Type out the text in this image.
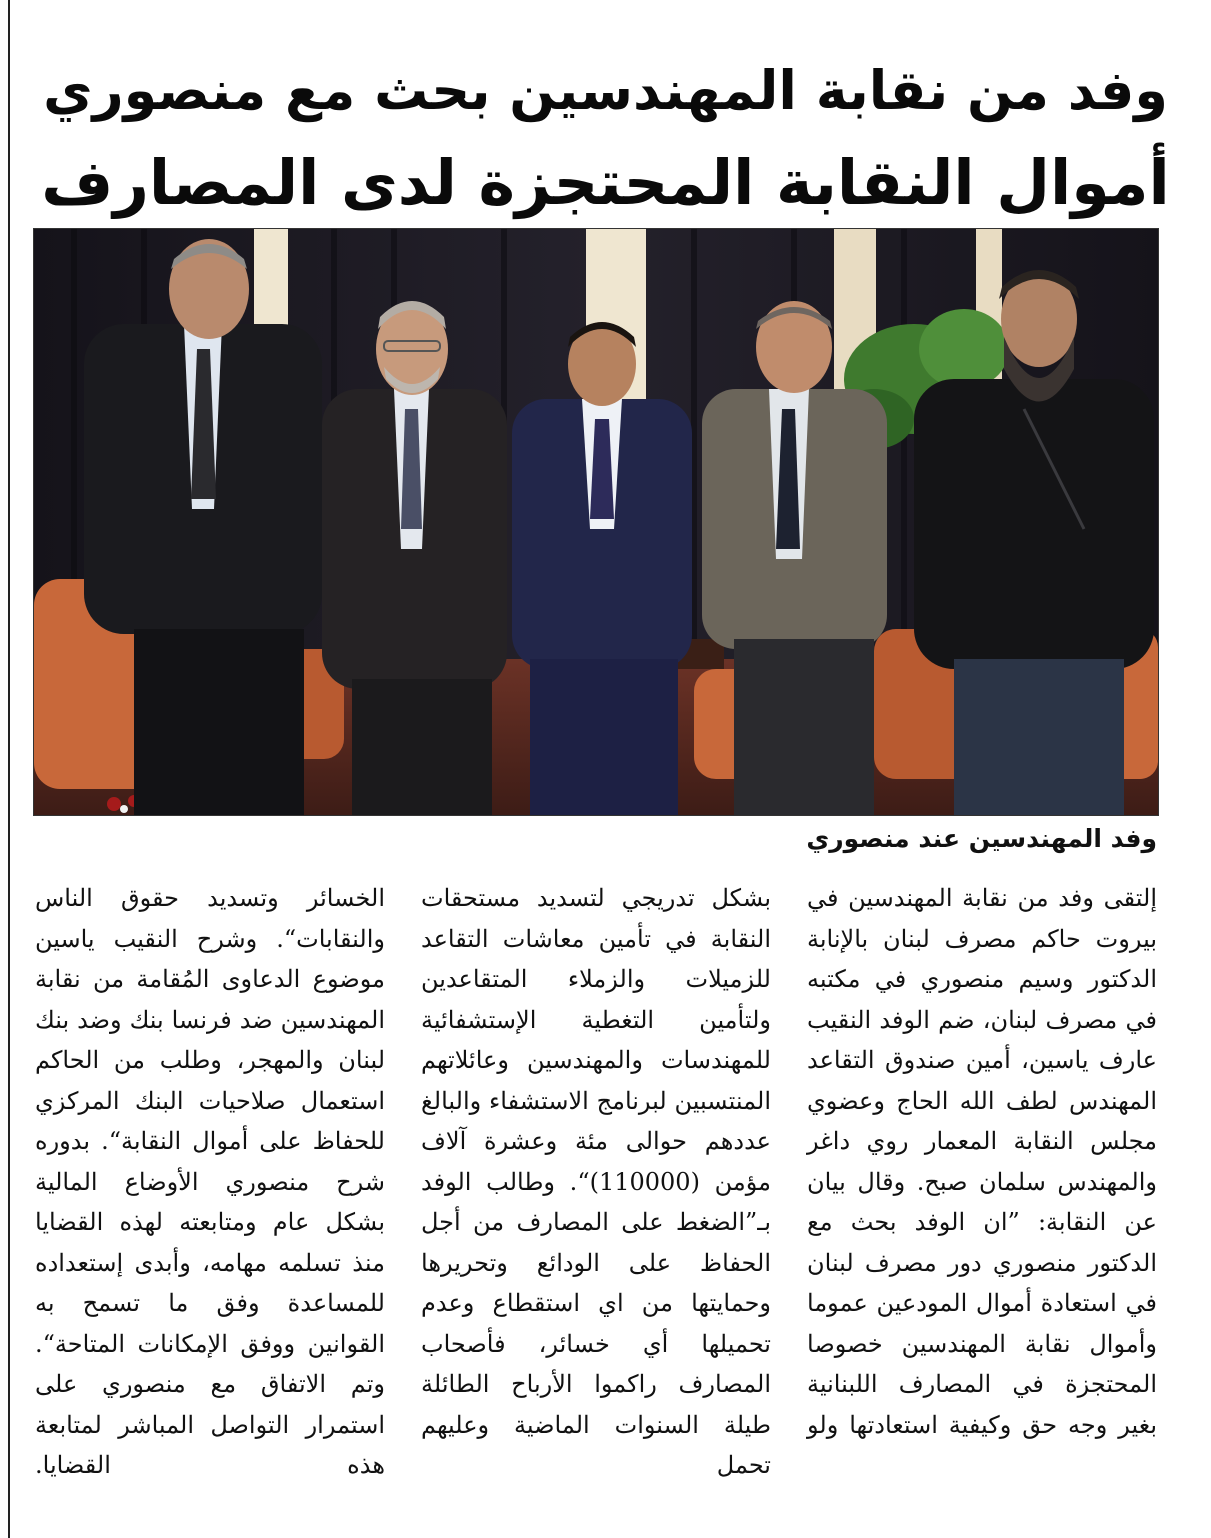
وفد من نقابة المهندسين بحث مع منصوري
أموال النقابة المحتجزة لدى المصارف
وفد المهندسين عند منصوري

إلتقى وفد من نقابة المهندسين في بيروت حاكم مصرف لبنان بالإنابة الدكتور وسيم منصوري في مكتبه في مصرف لبنان، ضم الوفد النقيب عارف ياسين، أمين صندوق التقاعد المهندس لطف الله الحاج وعضوي مجلس النقابة المعمار روي داغر والمهندس سلمان صبح. وقال بيان عن النقابة: ”ان الوفد بحث مع الدكتور منصوري دور مصرف لبنان في استعادة أموال المودعين عموما وأموال نقابة المهندسين خصوصا المحتجزة في المصارف اللبنانية بغير وجه حق وكيفية استعادتها ولو

بشكل تدريجي لتسديد مستحقات النقابة في تأمين معاشات التقاعد للزميلات والزملاء المتقاعدين ولتأمين التغطية الإستشفائية للمهندسات والمهندسين وعائلاتهم المنتسبين لبرنامج الاستشفاء والبالغ عددهم حوالى مئة وعشرة آلاف مؤمن (110000)“. وطالب الوفد بـ”الضغط على المصارف من أجل الحفاظ على الودائع وتحريرها وحمايتها من اي استقطاع وعدم تحميلها أي خسائر، فأصحاب المصارف راكموا الأرباح الطائلة طيلة السنوات الماضية وعليهم تحمل

الخسائر وتسديد حقوق الناس والنقابات“. وشرح النقيب ياسين موضوع الدعاوى المُقامة من نقابة المهندسين ضد فرنسا بنك وضد بنك لبنان والمهجر، وطلب من الحاكم استعمال صلاحيات البنك المركزي للحفاظ على أموال النقابة“. بدوره شرح منصوري الأوضاع المالية بشكل عام ومتابعته لهذه القضايا منذ تسلمه مهامه، وأبدى إستعداده للمساعدة وفق ما تسمح به القوانين ووفق الإمكانات المتاحة“. وتم الاتفاق مع منصوري على استمرار التواصل المباشر لمتابعة هذه القضايا.
